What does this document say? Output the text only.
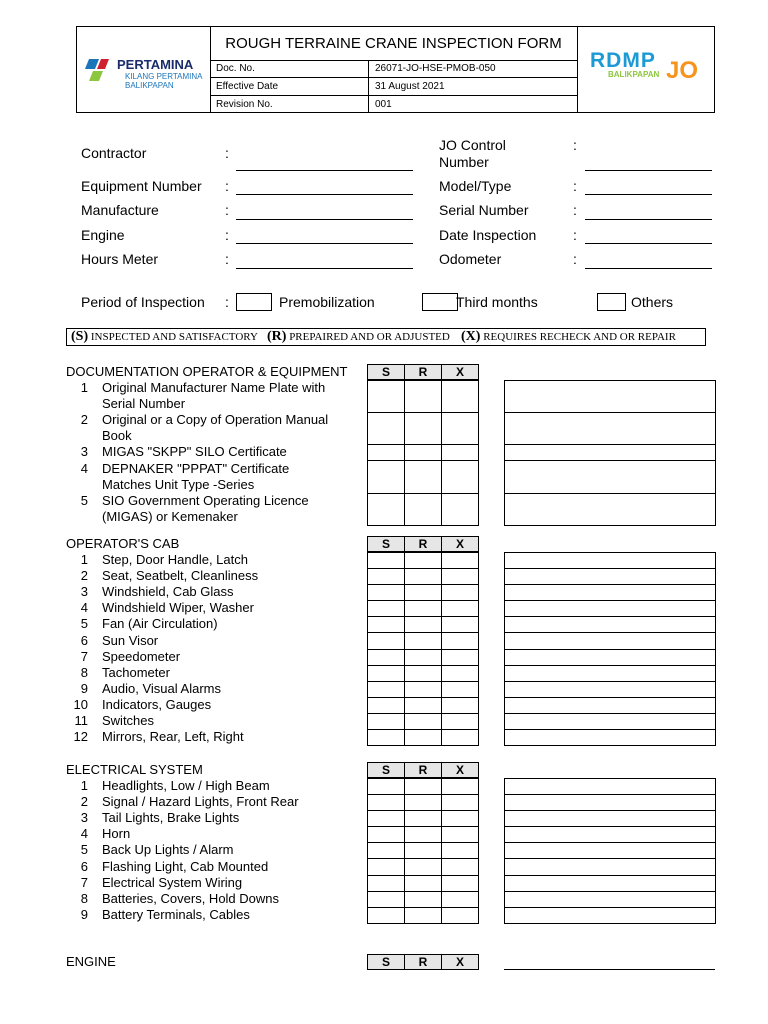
PERTAMINA
KILANG PERTAMINA
BALIKPAPAN
ROUGH TERRAINE CRANE INSPECTION FORM
Doc. No.	26071-JO-HSE-PMOB-050
Effective Date	31 August 2021
Revision No.	001
RDMP
BALIKPAPAN JO
Contractor	:
Equipment Number :
Manufacture	:
Engine	:
Hours Meter	:
JO Control Number
:
Model/Type	:
Serial Number	:
Date Inspection	:
Odometer	:
Period of Inspection :	Premobilization	Third months	Others
(S) INSPECTED AND SATISFACTORY (R) PREPAIRED AND OR ADJUSTED (X) REQUIRES RECHECK AND OR REPAIR
DOCUMENTATION OPERATOR & EQUIPMENT	S	R	X
1 Original Manufacturer Name Plate with
Serial Number
2 Original or a Copy of Operation Manual
Book
3 MIGAS "SKPP" SILO Certificate
4 DEPNAKER "PPPAT" Certificate
Matches Unit Type -Series
5 SIO Government Operating Licence
(MIGAS) or Kemenaker

OPERATOR'S CAB	S	R	X
1 Step, Door Handle, Latch
2 Seat, Seatbelt, Cleanliness
3 Windshield, Cab Glass
4 Windshield Wiper, Washer
5 Fan (Air Circulation)
6 Sun Visor
7 Speedometer
8 Tachometer
9 Audio, Visual Alarms
10 Indicators, Gauges
11 Switches
12 Mirrors, Rear, Left, Right

ELECTRICAL SYSTEM	S	R	X
1 Headlights, Low / High Beam
2 Signal / Hazard Lights, Front Rear
3 Tail Lights, Brake Lights
4 Horn
5 Back Up Lights / Alarm
6 Flashing Light, Cab Mounted
7 Electrical System Wiring
8 Batteries, Covers, Hold Downs
9 Battery Terminals, Cables

ENGINE	S	R	X
